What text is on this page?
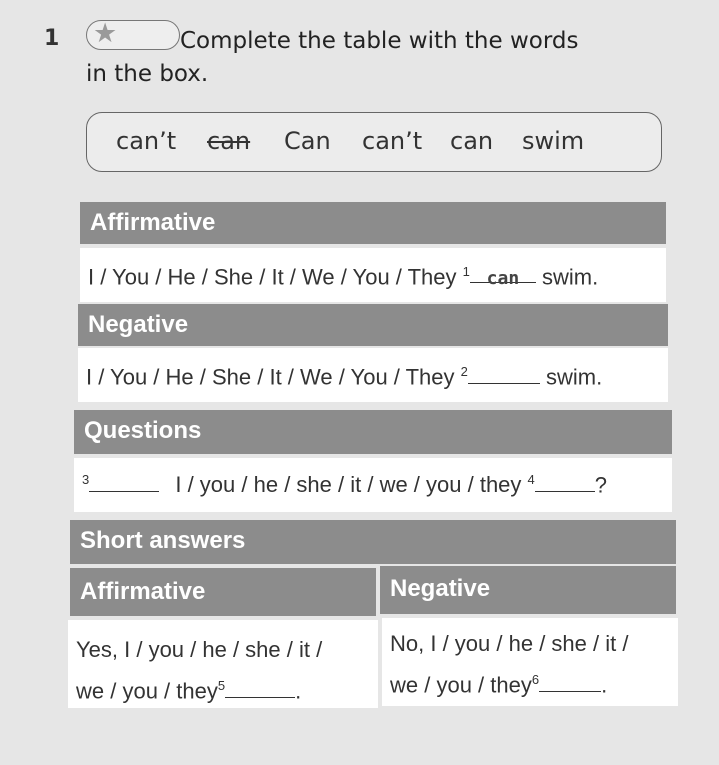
1 ★	Complete the table with the words
in the box.
can’t can Can can’t can swim
Affirmative
I / You / He / She / It / We / You / They $^1$ can swim.
Negative
I / You / He / She / It / We / You / They $^2$	swim.
Questions
$^3$	I / you / he / she / it / we / you / they $^4$	?
Short answers
Affirmative	Negative
Yes, I / you / he / she / it /
we / you / they$^5$	.
No, I / you / he / she / it /
we / you / they$^6$	.
